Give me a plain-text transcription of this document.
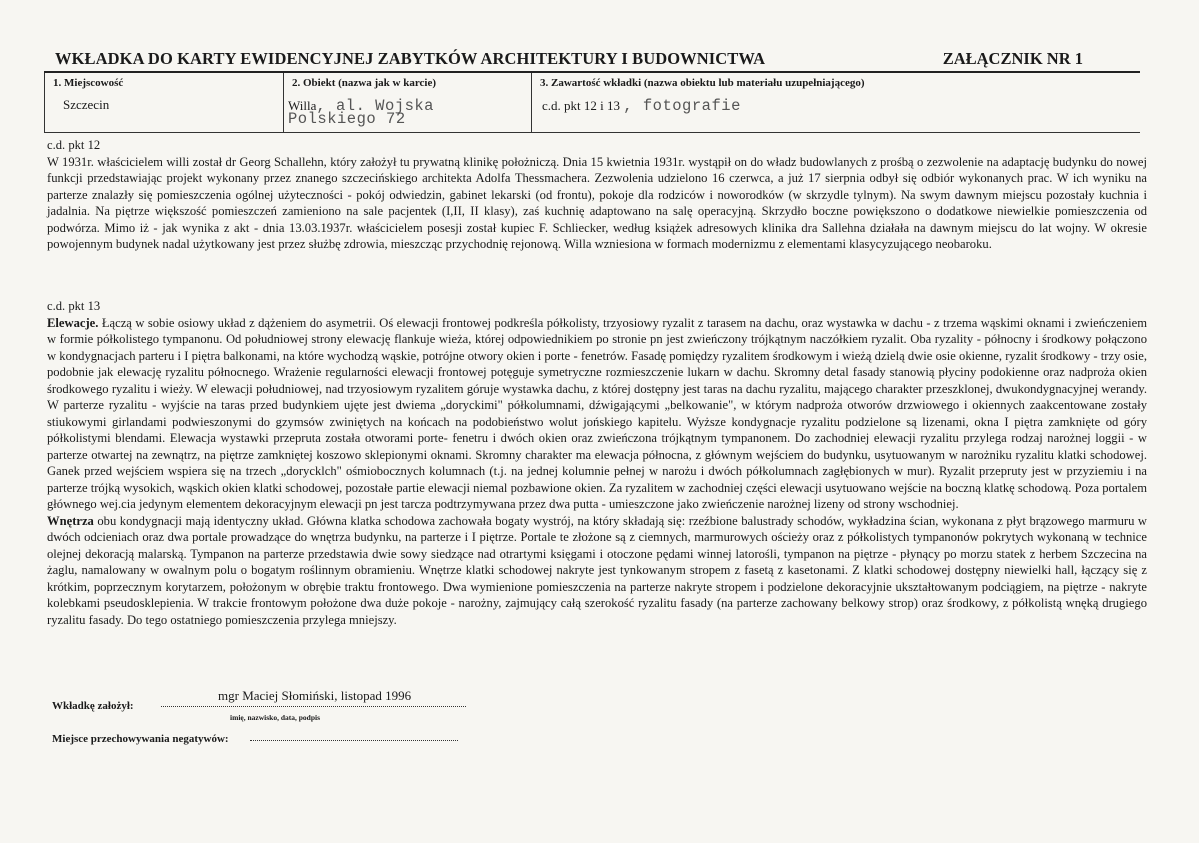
WKŁADKA DO KARTY EWIDENCYJNEJ ZABYTKÓW ARCHITEKTURY I BUDOWNICTWA	ZAŁĄCZNIK NR 1
1. Miejscowość
Szczecin
2. Obiekt (nazwa jak w karcie)
Willa, al. Wojska
Polskiego 72
3. Zawartość wkładki (nazwa obiektu lub materiału uzupełniającego)
c.d. pkt 12 i 13 , fotografie

c.d. pkt 12

W 1931r. właścicielem willi został dr Georg Schallehn, który założył tu prywatną klinikę położniczą. Dnia 15 kwietnia 1931r. wystąpił on do władz budowlanych z prośbą o zezwolenie na adaptację budynku do nowej funkcji przedstawiając projekt wykonany przez znanego szczecińskiego architekta Adolfa Thessmachera. Zezwolenia udzielono 16 czerwca, a już 17 sierpnia odbył się odbiór wykonanych prac. W ich wyniku na parterze znalazły się pomieszczenia ogólnej użyteczności - pokój odwiedzin, gabinet lekarski (od frontu), pokoje dla rodziców i noworodków (w skrzydle tylnym). Na swym dawnym miejscu pozostały kuchnia i jadalnia. Na piętrze większość pomieszczeń zamieniono na sale pacjentek (I,II, II klasy), zaś kuchnię adaptowano na salę operacyjną. Skrzydło boczne powiększono o dodatkowe niewielkie pomieszczenia od podwórza. Mimo iż - jak wynika z akt - dnia 13.03.1937r. właścicielem posesji został kupiec F. Schliecker, według książek adresowych klinika dra Sallehna działała na dawnym miejscu do lat wojny. W okresie powojennym budynek nadal użytkowany jest przez służbę zdrowia, mieszcząc przychodnię rejonową. Willa wzniesiona w formach modernizmu z elementami klasycyzującego neobaroku.

c.d. pkt 13

Elewacje. Łączą w sobie osiowy układ z dążeniem do asymetrii. Oś elewacji frontowej podkreśla półkolisty, trzyosiowy ryzalit z tarasem na dachu, oraz wystawka w dachu - z trzema wąskimi oknami i zwieńczeniem w formie półkolistego tympanonu. Od południowej strony elewację flankuje wieża, której odpowiednikiem po stronie pn jest zwieńczony trójkątnym naczółkiem ryzalit. Oba ryzality - północny i środkowy połączono w kondygnacjach parteru i I piętra balkonami, na które wychodzą wąskie, potrójne otwory okien i porte - fenetrów. Fasadę pomiędzy ryzalitem środkowym i wieżą dzielą dwie osie okienne, ryzalit środkowy - trzy osie, podobnie jak elewację ryzalitu północnego. Wrażenie regularności elewacji frontowej potęguje symetryczne rozmieszczenie lukarn w dachu. Skromny detal fasady stanowią płyciny podokienne oraz nadproża okien środkowego ryzalitu i wieży. W elewacji południowej, nad trzyosiowym ryzalitem góruje wystawka dachu, z której dostępny jest taras na dachu ryzalitu, mającego charakter przeszklonej, dwukondygnacyjnej werandy. W parterze ryzalitu - wyjście na taras przed budynkiem ujęte jest dwiema „doryckimi" półkolumnami, dźwigającymi „belkowanie", w którym nadproża otworów drzwiowego i okiennych zaakcentowane zostały stiukowymi girlandami podwieszonymi do gzymsów zwiniętych na końcach na podobieństwo wolut jońskiego kapitelu. Wyższe kondygnacje ryzalitu podzielone są lizenami, okna I piętra zamknięte od góry półkolistymi blendami. Elewacja wystawki przepruta została otworami porte- fenetru i dwóch okien oraz zwieńczona trójkątnym tympanonem. Do zachodniej elewacji ryzalitu przylega rodzaj narożnej loggii - w parterze otwartej na zewnątrz, na piętrze zamkniętej koszowo sklepionymi oknami. Skromny charakter ma elewacja północna, z głównym wejściem do budynku, usytuowanym w narożniku ryzalitu klatki schodowej. Ganek przed wejściem wspiera się na trzech „dorycklch" ośmiobocznych kolumnach (t.j. na jednej kolumnie pełnej w narożu i dwóch półkolumnach zagłębionych w mur). Ryzalit przepruty jest w przyziemiu i na parterze trójką wysokich, wąskich okien klatki schodowej, pozostałe partie elewacji niemal pozbawione okien. Za ryzalitem w zachodniej części elewacji usytuowano wejście na boczną klatkę schodową. Poza portalem głównego wej.cia jedynym elementem dekoracyjnym elewacji pn jest tarcza podtrzymywana przez dwa putta - umieszczone jako zwieńczenie narożnej lizeny od strony wschodniej.

Wnętrza obu kondygnacji mają identyczny układ. Główna klatka schodowa zachowała bogaty wystrój, na który składają się: rzeźbione balustrady schodów, wykładzina ścian, wykonana z płyt brązowego marmuru w dwóch odcieniach oraz dwa portale prowadzące do wnętrza budynku, na parterze i I piętrze. Portale te złożone są z ciemnych, marmurowych ościeży oraz z półkolistych tympanonów pokrytych wykonaną w technice olejnej dekoracją malarską. Tympanon na parterze przedstawia dwie sowy siedzące nad otrartymi księgami i otoczone pędami winnej latorośli, tympanon na piętrze - płynący po morzu statek z herbem Szczecina na żaglu, namalowany w owalnym polu o bogatym roślinnym obramieniu. Wnętrze klatki schodowej nakryte jest tynkowanym stropem z fasetą z kasetonami. Z klatki schodowej dostępny niewielki hall, łączący się z krótkim, poprzecznym korytarzem, położonym w obrębie traktu frontowego. Dwa wymienione pomieszczenia na parterze nakryte stropem i podzielone dekoracyjnie ukształtowanym podciągiem, na piętrze - nakryte kolebkami pseudosklepienia. W trakcie frontowym położone dwa duże pokoje - narożny, zajmujący całą szerokość ryzalitu fasady (na parterze zachowany belkowy strop) oraz środkowy, z półkolistą wnęką drugiego ryzalitu fasady. Do tego ostatniego pomieszczenia przylega mniejszy.

mgr Maciej Słomiński, listopad 1996
Wkładkę założył:
imię, nazwisko, data, podpis
Miejsce przechowywania negatywów:
